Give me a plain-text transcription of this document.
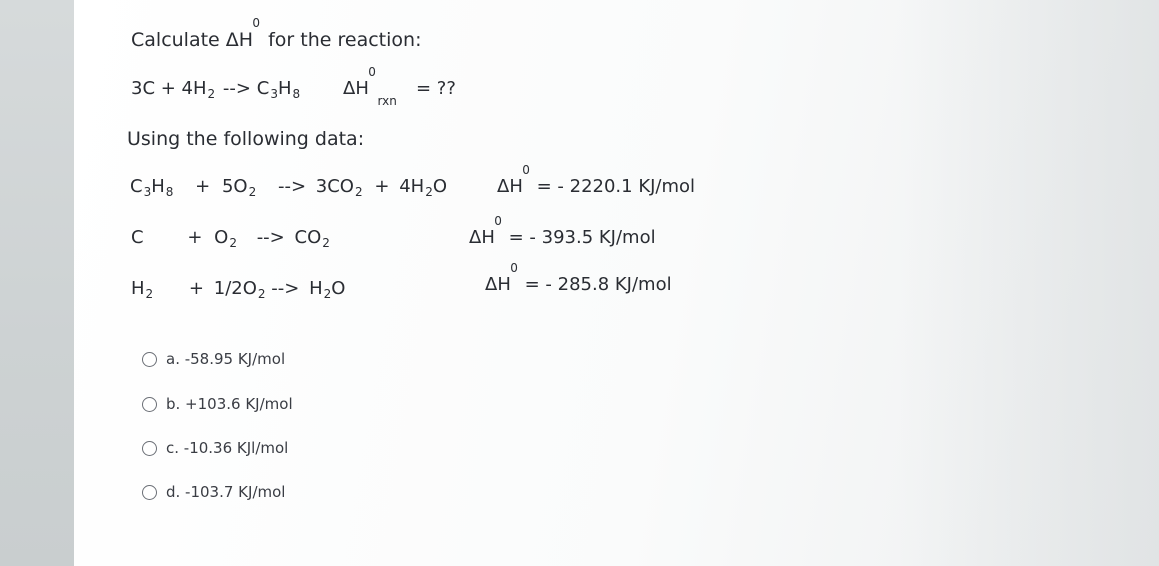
Calculate ΔH
0
for the reaction:
$3C + 4H_2$ --> $C_3H_8$ ΔH
0
rxn
= ??
Using the following data:
$C_3H_8 + 5O_2$ --> $3CO_2 + 4H_2O$	ΔH
0
= - 2220.1 KJ/mol
$C + O_2$ --> $CO_2$	ΔH
0
= - 393.5 KJ/mol
$H_2 + 1/2O_2$ --> $H_2O$	ΔH
0
= - 285.8 KJ/mol
a. -58.95 KJ/mol
b. +103.6 KJ/mol
c. -10.36 KJl/mol
d. -103.7 KJ/mol
